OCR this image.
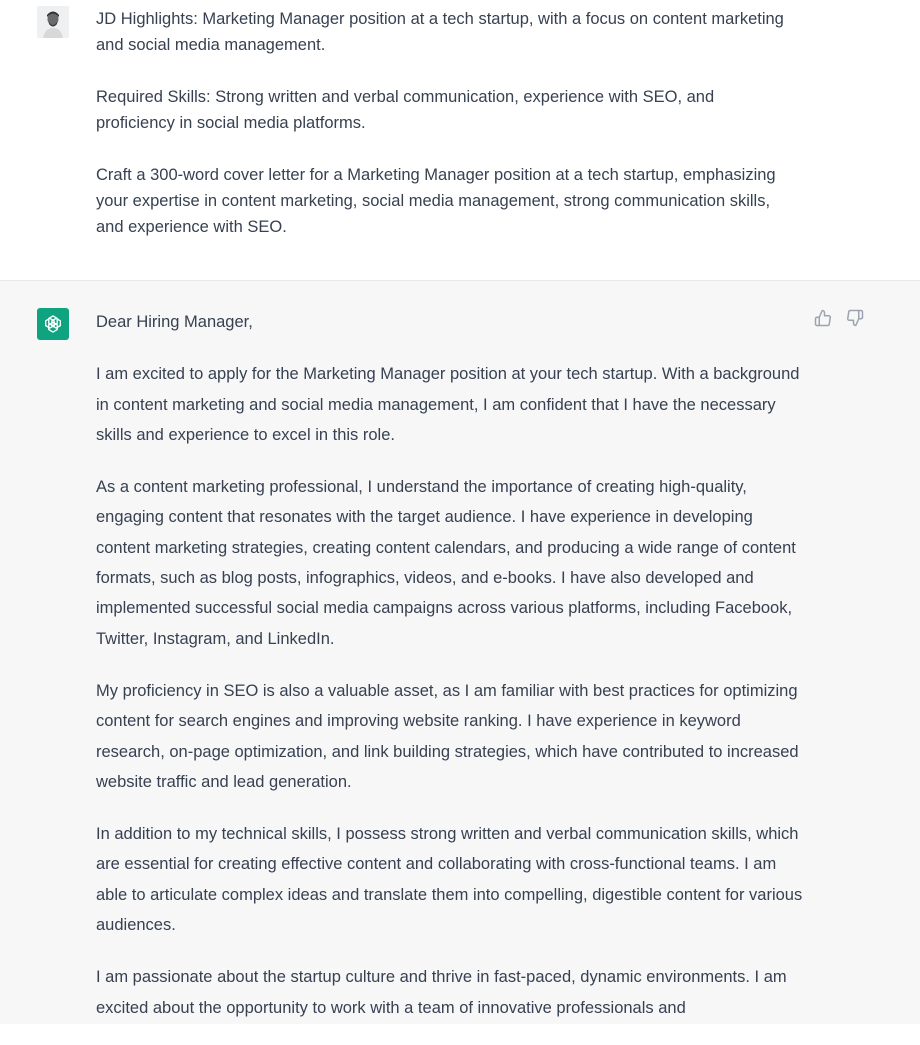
JD Highlights: Marketing Manager position at a tech startup, with a focus on content marketing and social media management.

Required Skills: Strong written and verbal communication, experience with SEO, and proficiency in social media platforms.

Craft a 300-word cover letter for a Marketing Manager position at a tech startup, emphasizing your expertise in content marketing, social media management, strong communication skills, and experience with SEO.

Dear Hiring Manager,

I am excited to apply for the Marketing Manager position at your tech startup. With a background in content marketing and social media management, I am confident that I have the necessary skills and experience to excel in this role.

As a content marketing professional, I understand the importance of creating high-quality, engaging content that resonates with the target audience. I have experience in developing content marketing strategies, creating content calendars, and producing a wide range of content formats, such as blog posts, infographics, videos, and e-books. I have also developed and implemented successful social media campaigns across various platforms, including Facebook, Twitter, Instagram, and LinkedIn.

My proficiency in SEO is also a valuable asset, as I am familiar with best practices for optimizing content for search engines and improving website ranking. I have experience in keyword research, on-page optimization, and link building strategies, which have contributed to increased website traffic and lead generation.

In addition to my technical skills, I possess strong written and verbal communication skills, which are essential for creating effective content and collaborating with cross-functional teams. I am able to articulate complex ideas and translate them into compelling, digestible content for various audiences.

I am passionate about the startup culture and thrive in fast-paced, dynamic environments. I am excited about the opportunity to work with a team of innovative professionals and
